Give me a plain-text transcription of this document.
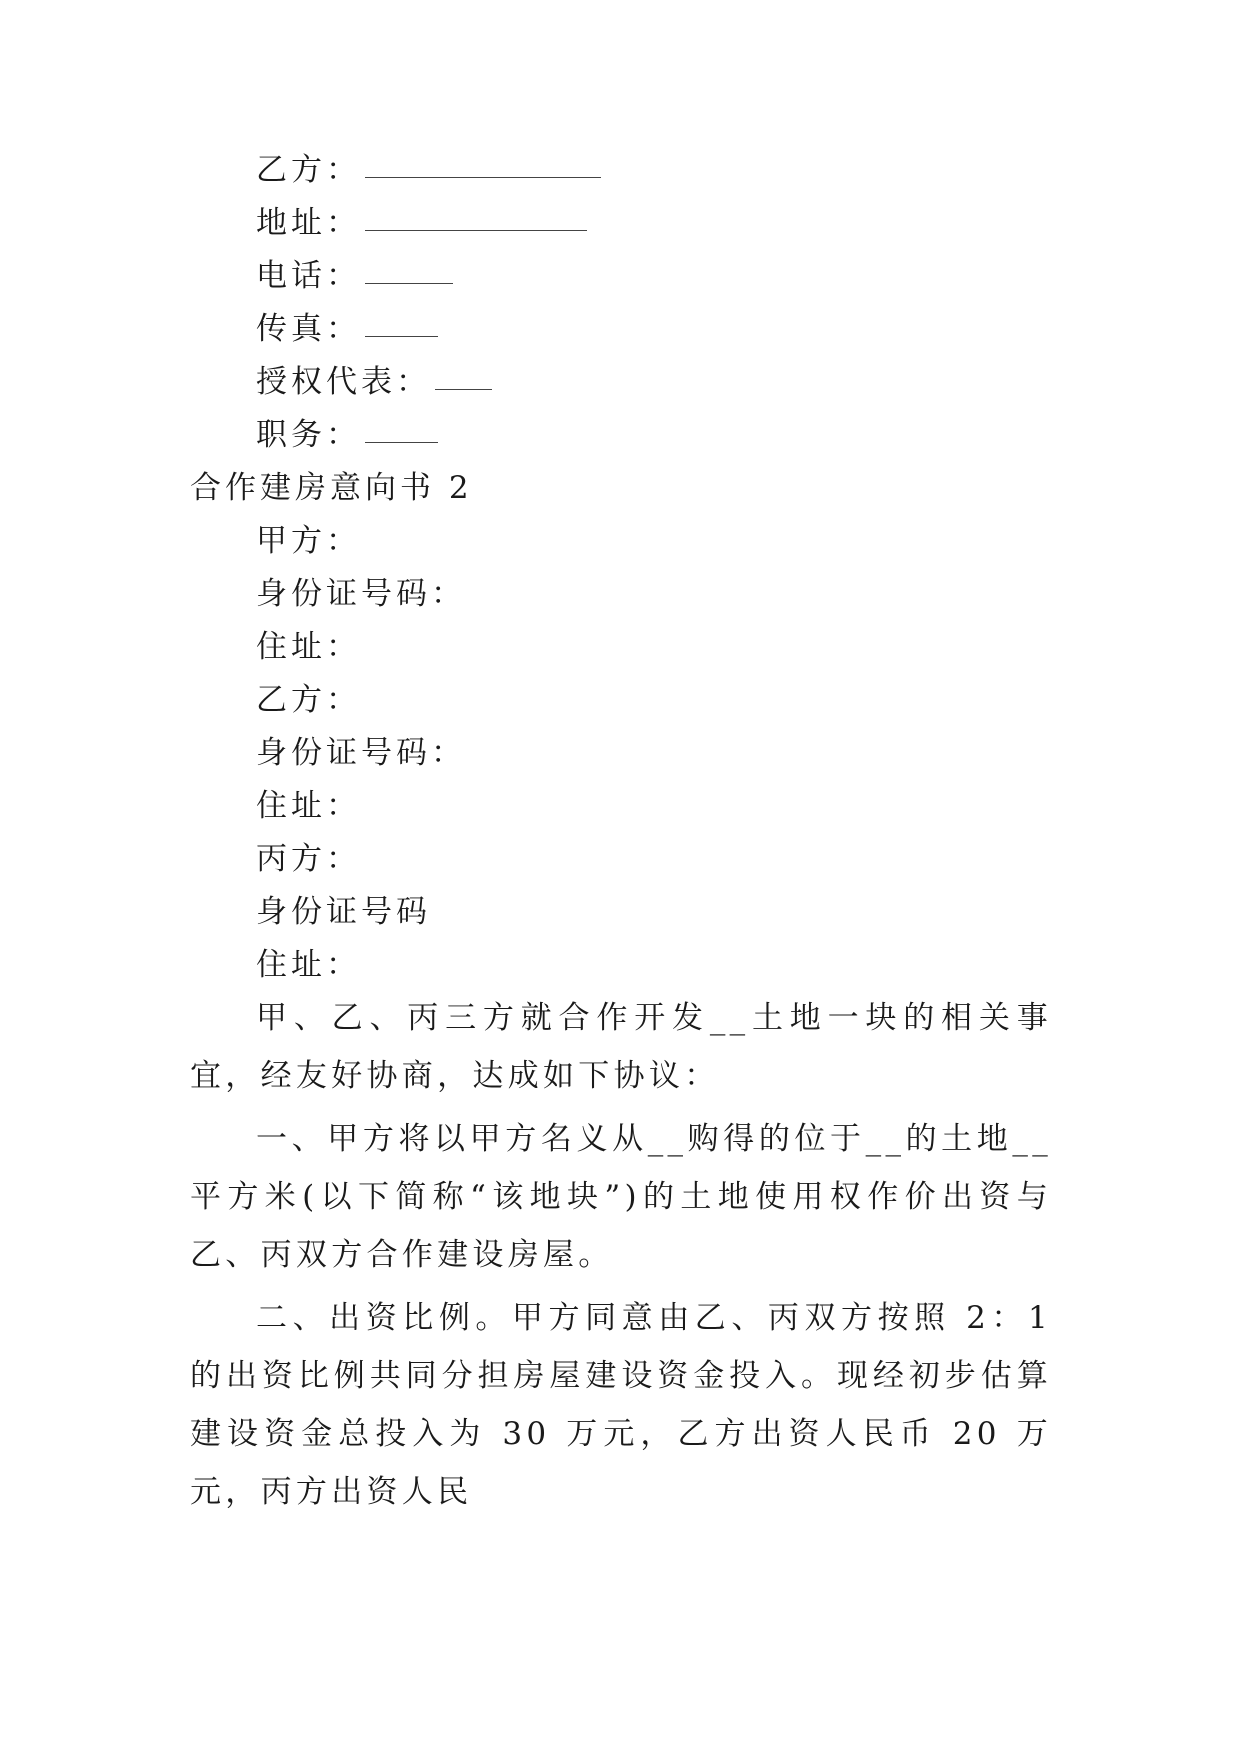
乙方：
地址：
电话：
传真：
授权代表：
职务：
合作建房意向书 2
甲方：
身份证号码：
住址：
乙方：
身份证号码：
住址：
丙方：
身份证号码
住址：
甲、乙、丙三方就合作开发__土地一块的相关事宜，经友好协商，达成如下协议：
一、甲方将以甲方名义从__购得的位于__的土地__平方米(以下简称“该地块”)的土地使用权作价出资与乙、丙双方合作建设房屋。
二、出资比例。甲方同意由乙、丙双方按照 2：1 的出资比例共同分担房屋建设资金投入。现经初步估算建设资金总投入为 30 万元，乙方出资人民币 20 万元，丙方出资人民
